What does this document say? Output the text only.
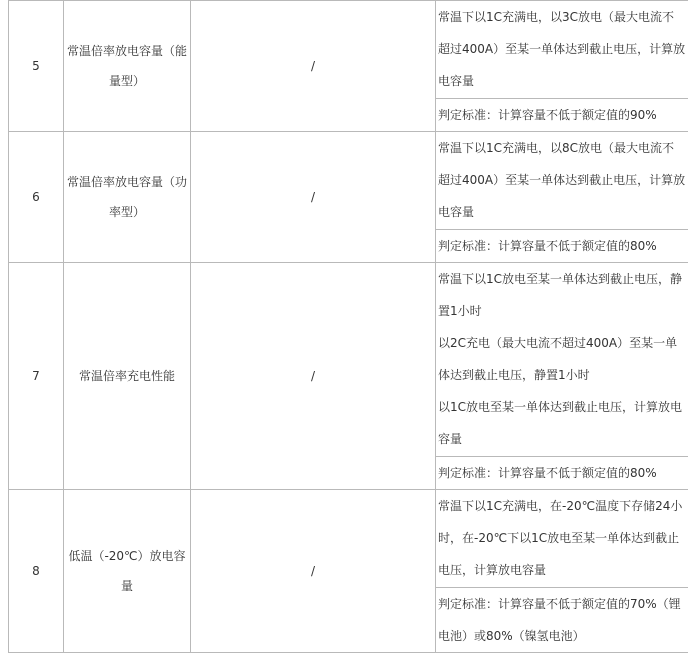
5	常温倍率放电容量（能量型）	/	常温下以1C充满电，以3C放电（最大电流不超过400A）至某一单体达到截止电压，计算放电容量
判定标准：计算容量不低于额定值的90%

6	常温倍率放电容量（功率型）	/	常温下以1C充满电，以8C放电（最大电流不超过400A）至某一单体达到截止电压，计算放电容量
判定标准：计算容量不低于额定值的80%

7	常温倍率充电性能	/	常温下以1C放电至某一单体达到截止电压，静置1小时
以2C充电（最大电流不超过400A）至某一单体达到截止电压，静置1小时
以1C放电至某一单体达到截止电压，计算放电容量
判定标准：计算容量不低于额定值的80%

8	低温（-20℃）放电容量	/	常温下以1C充满电，在-20℃温度下存储24小时，在-20℃下以1C放电至某一单体达到截止电压，计算放电容量
判定标准：计算容量不低于额定值的70%（锂电池）或80%（镍氢电池）
